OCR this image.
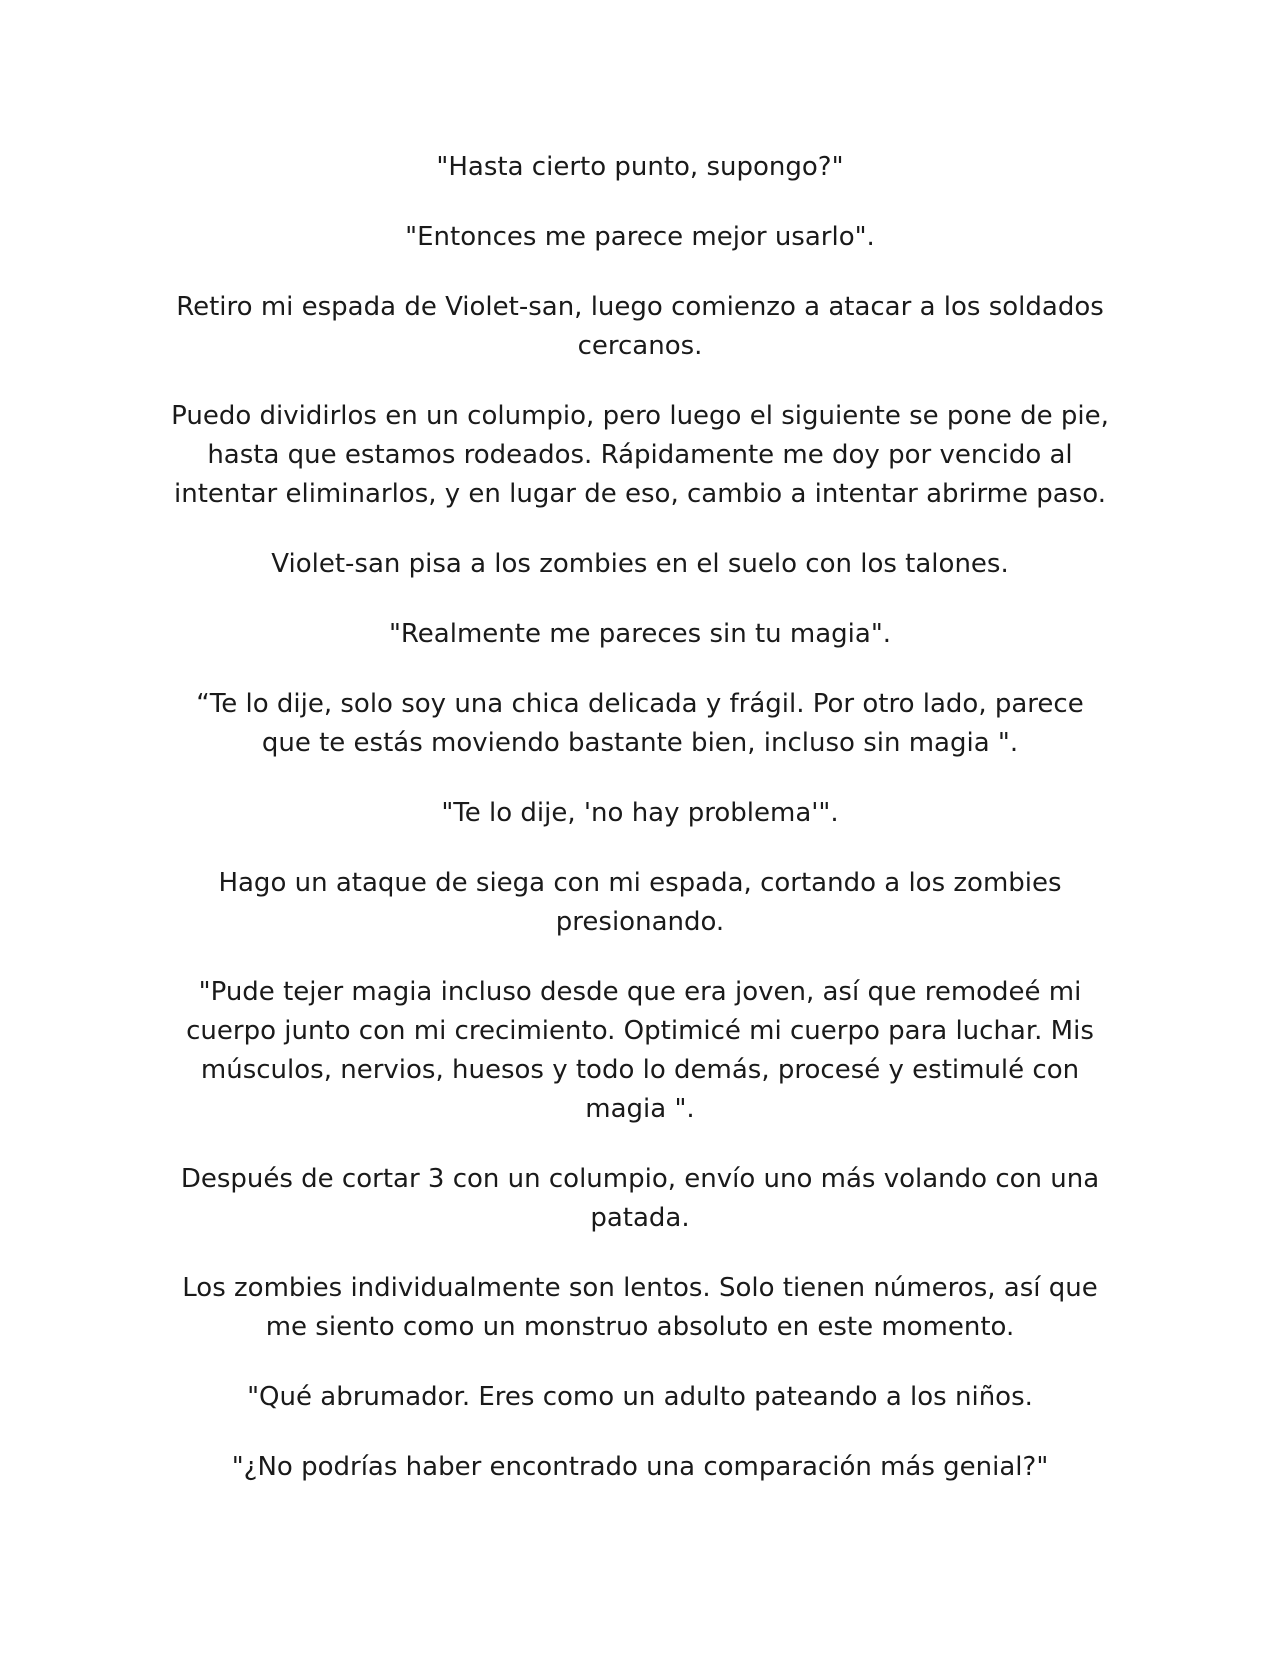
"Hasta cierto punto, supongo?"

"Entonces me parece mejor usarlo".

Retiro mi espada de Violet-san, luego comienzo a atacar a los soldados cercanos.

Puedo dividirlos en un columpio, pero luego el siguiente se pone de pie, hasta que estamos rodeados. Rápidamente me doy por vencido al intentar eliminarlos, y en lugar de eso, cambio a intentar abrirme paso.

Violet-san pisa a los zombies en el suelo con los talones.

"Realmente me pareces sin tu magia".

“Te lo dije, solo soy una chica delicada y frágil. Por otro lado, parece que te estás moviendo bastante bien, incluso sin magia ".

"Te lo dije, 'no hay problema'".

Hago un ataque de siega con mi espada, cortando a los zombies presionando.

"Pude tejer magia incluso desde que era joven, así que remodeé mi cuerpo junto con mi crecimiento. Optimicé mi cuerpo para luchar. Mis músculos, nervios, huesos y todo lo demás, procesé y estimulé con magia ".

Después de cortar 3 con un columpio, envío uno más volando con una patada.

Los zombies individualmente son lentos. Solo tienen números, así que me siento como un monstruo absoluto en este momento.

"Qué abrumador. Eres como un adulto pateando a los niños.

"¿No podrías haber encontrado una comparación más genial?"
